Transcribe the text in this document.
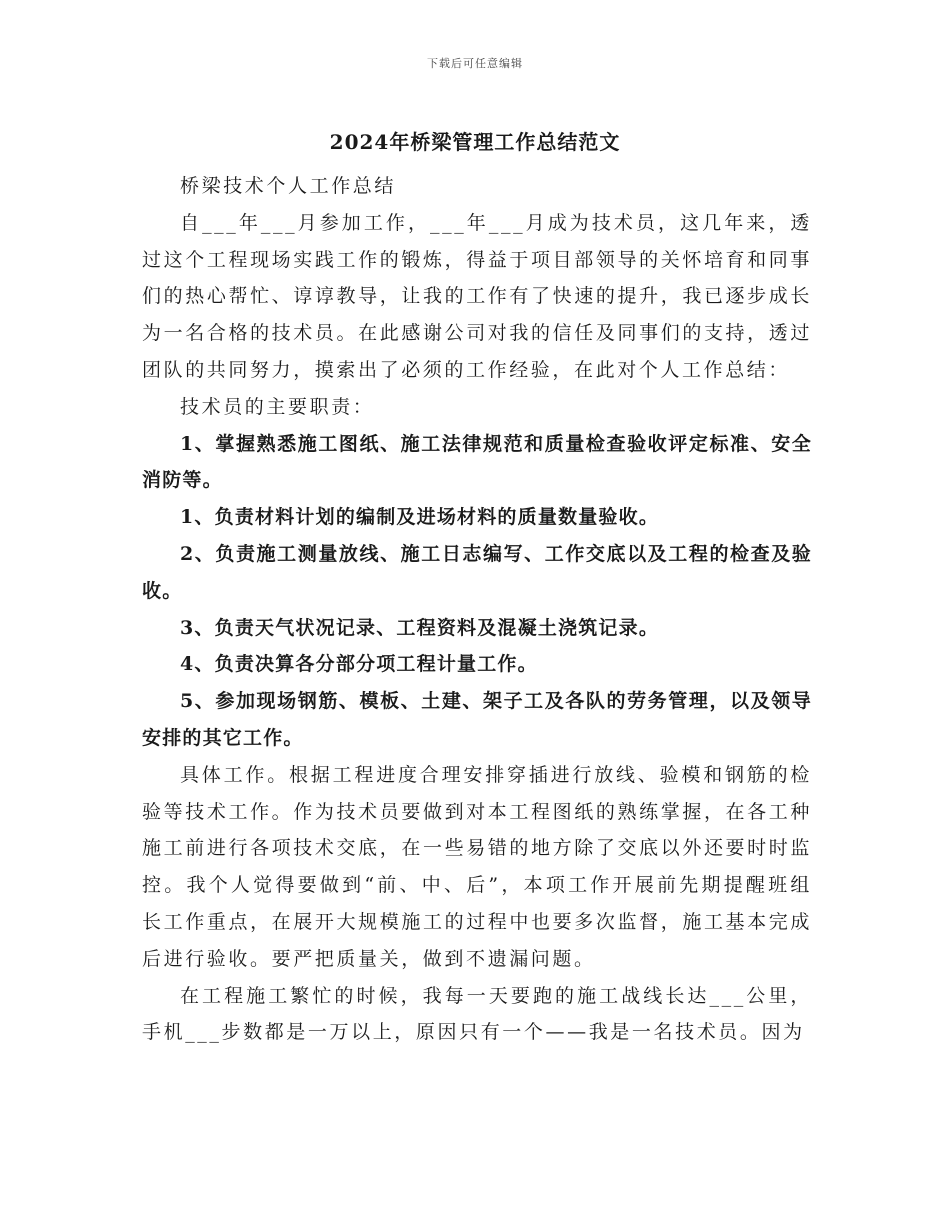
下载后可任意编辑
2024年桥梁管理工作总结范文

桥梁技术个人工作总结

自___年___月参加工作，___年___月成为技术员，这几年来，透过这个工程现场实践工作的锻炼，得益于项目部领导的关怀培育和同事们的热心帮忙、谆谆教导，让我的工作有了快速的提升，我已逐步成长为一名合格的技术员。在此感谢公司对我的信任及同事们的支持，透过团队的共同努力，摸索出了必须的工作经验，在此对个人工作总结：

技术员的主要职责：

1、掌握熟悉施工图纸、施工法律规范和质量检查验收评定标准、安全消防等。

1、负责材料计划的编制及进场材料的质量数量验收。

2、负责施工测量放线、施工日志编写、工作交底以及工程的检查及验收。

3、负责天气状况记录、工程资料及混凝土浇筑记录。

4、负责决算各分部分项工程计量工作。

5、参加现场钢筋、模板、土建、架子工及各队的劳务管理，以及领导安排的其它工作。

具体工作。根据工程进度合理安排穿插进行放线、验模和钢筋的检验等技术工作。作为技术员要做到对本工程图纸的熟练掌握，在各工种施工前进行各项技术交底，在一些易错的地方除了交底以外还要时时监控。我个人觉得要做到“前、中、后”，本项工作开展前先期提醒班组长工作重点，在展开大规模施工的过程中也要多次监督，施工基本完成后进行验收。要严把质量关，做到不遗漏问题。

在工程施工繁忙的时候，我每一天要跑的施工战线长达___公里，手机___步数都是一万以上，原因只有一个——我是一名技术员。因为
